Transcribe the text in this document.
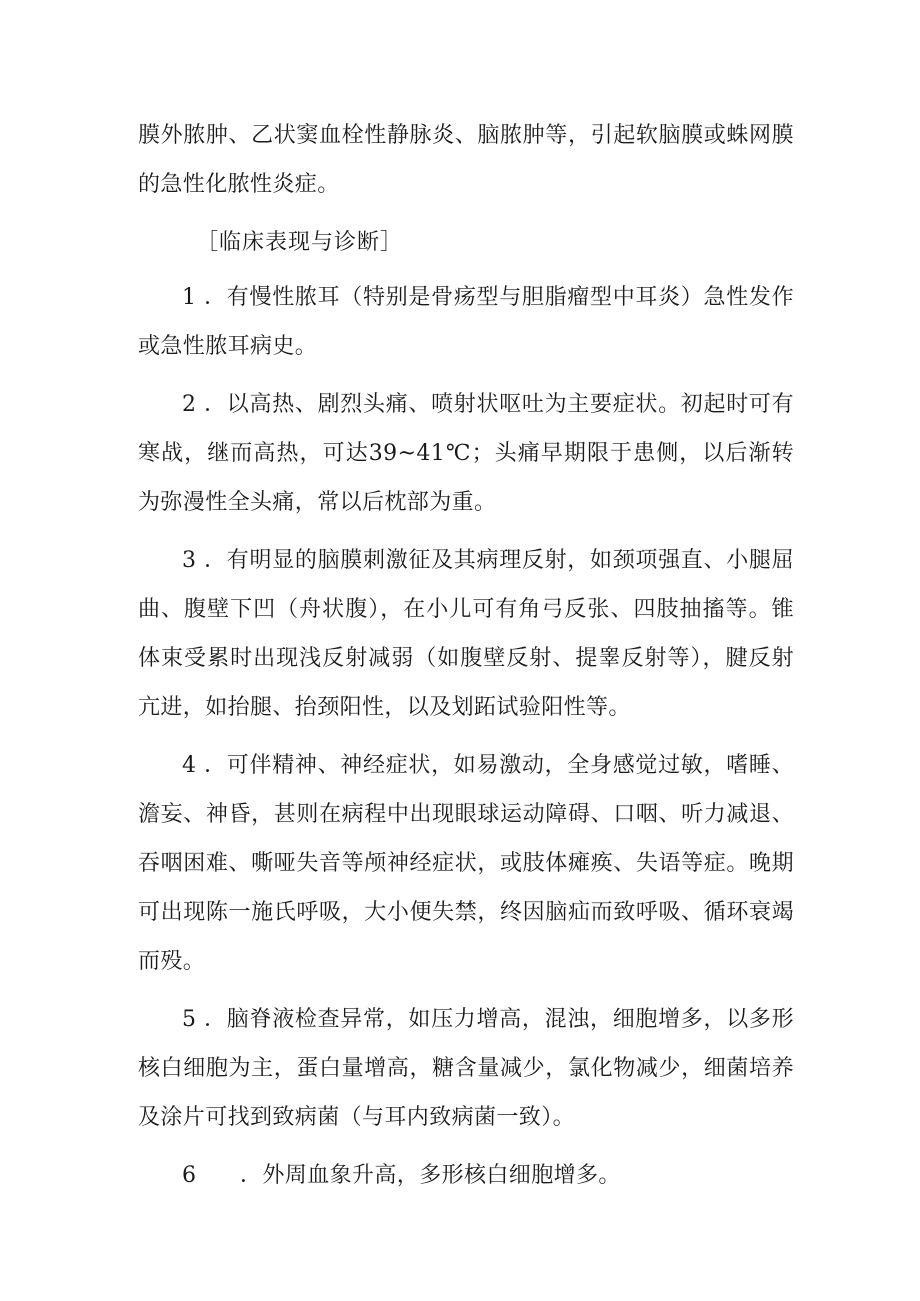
膜外脓肿、乙状窦血栓性静脉炎、脑脓肿等，引起软脑膜或蛛网膜的急性化脓性炎症。

［临床表现与诊断］

1 ．有慢性脓耳（特别是骨疡型与胆脂瘤型中耳炎）急性发作或急性脓耳病史。

2 ．以高热、剧烈头痛、喷射状呕吐为主要症状。初起时可有寒战，继而高热，可达39~41℃；头痛早期限于患侧，以后渐转为弥漫性全头痛，常以后枕部为重。

3 ．有明显的脑膜刺激征及其病理反射，如颈项强直、小腿屈曲、腹壁下凹（舟状腹），在小儿可有角弓反张、四肢抽搐等。锥体束受累时出现浅反射减弱（如腹壁反射、提睾反射等），腱反射亢进，如抬腿、抬颈阳性，以及划跖试验阳性等。

4 ．可伴精神、神经症状，如易激动，全身感觉过敏，嗜睡、澹妄、神昏，甚则在病程中出现眼球运动障碍、口咽、听力减退、吞咽困难、嘶哑失音等颅神经症状，或肢体瘫痪、失语等症。晚期可出现陈一施氏呼吸，大小便失禁，终因脑疝而致呼吸、循环衰竭而殁。

5 ．脑脊液检查异常，如压力增高，混浊，细胞增多，以多形核白细胞为主，蛋白量增高，糖含量减少，氯化物减少，细菌培养及涂片可找到致病菌（与耳内致病菌一致）。

6 ．外周血象升高，多形核白细胞增多。
